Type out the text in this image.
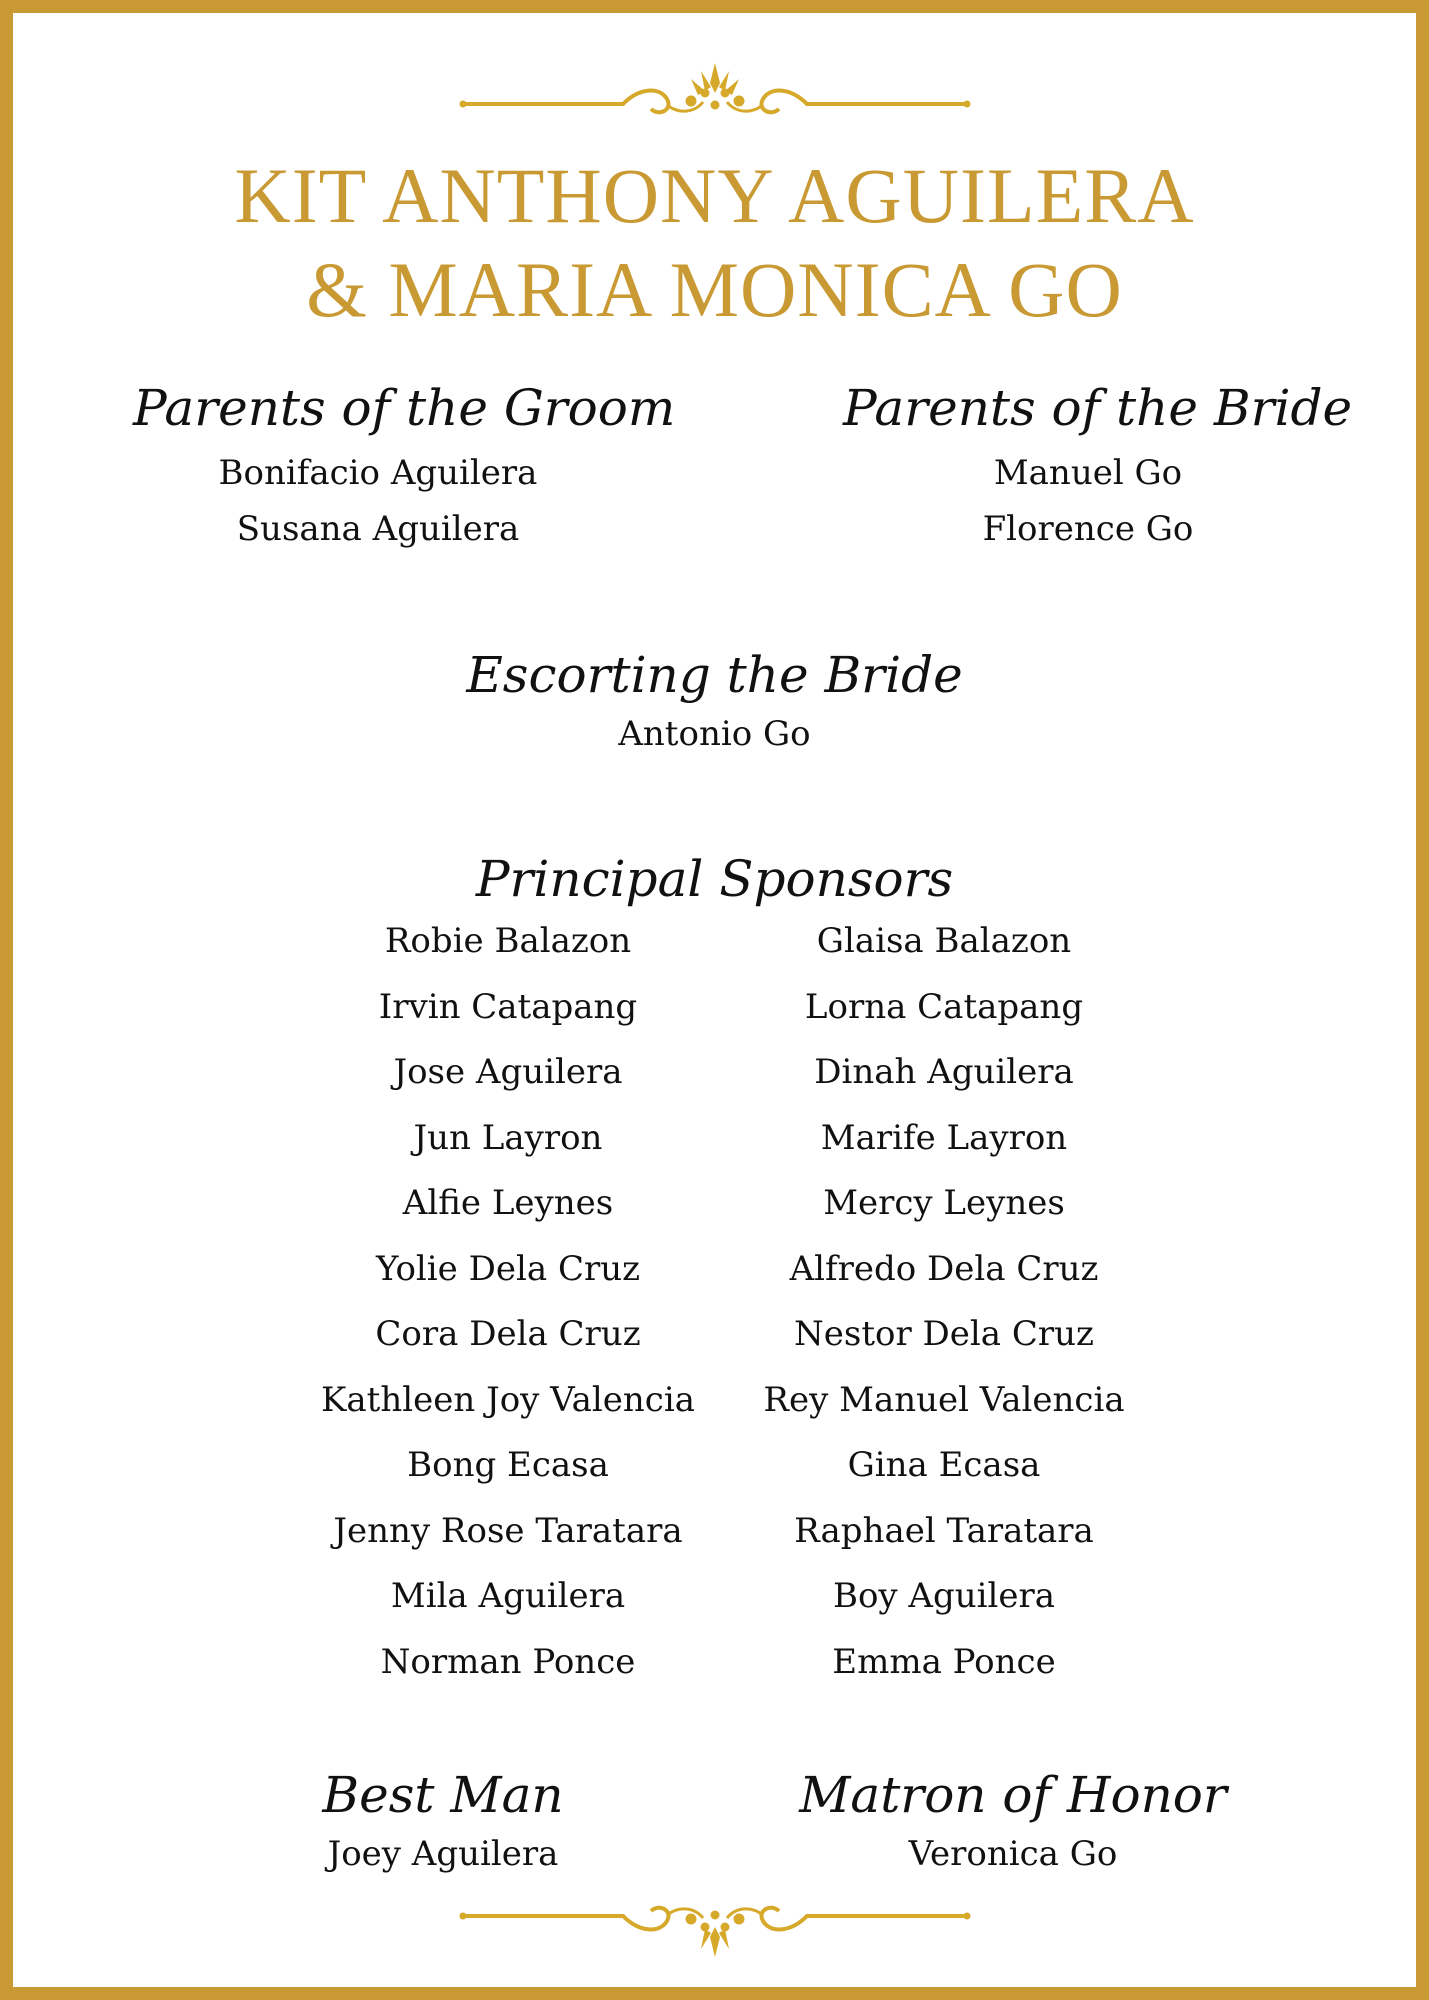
KIT ANTHONY AGUILERA
& MARIA MONICA GO
Parents of the Groom
Bonifacio Aguilera
Susana Aguilera
Parents of the Bride
Manuel Go
Florence Go
Escorting the Bride
Antonio Go
Principal Sponsors
Robie Balazon
Irvin Catapang
Jose Aguilera
Jun Layron
Alfie Leynes
Yolie Dela Cruz
Cora Dela Cruz
Kathleen Joy Valencia
Bong Ecasa
Jenny Rose Taratara
Mila Aguilera
Norman Ponce
Glaisa Balazon
Lorna Catapang
Dinah Aguilera
Marife Layron
Mercy Leynes
Alfredo Dela Cruz
Nestor Dela Cruz
Rey Manuel Valencia
Gina Ecasa
Raphael Taratara
Boy Aguilera
Emma Ponce
Best Man
Joey Aguilera
Matron of Honor
Veronica Go
